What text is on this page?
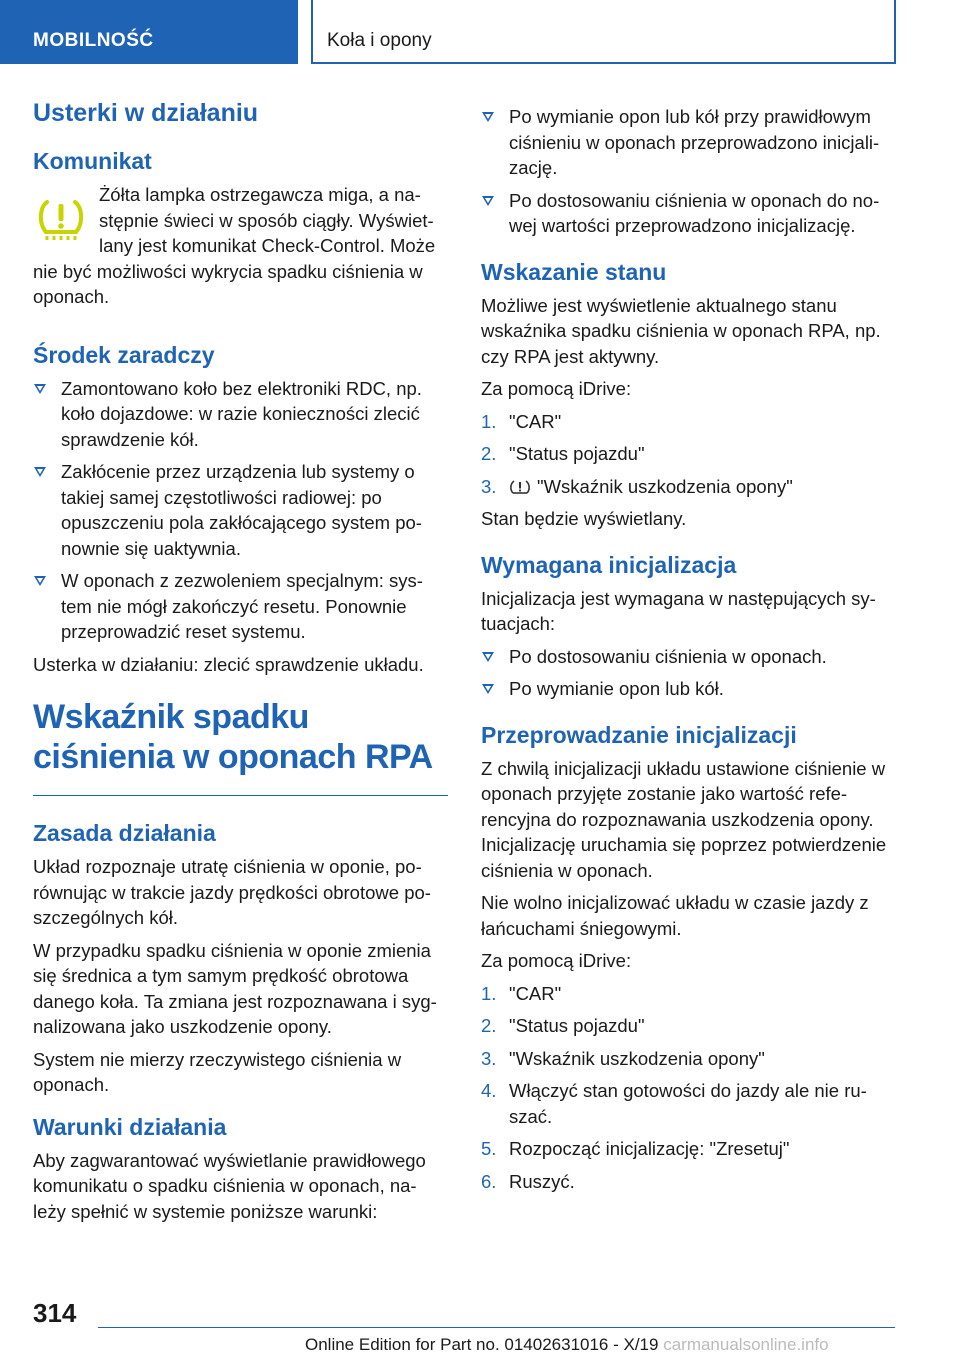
MOBILNOŚĆ	Koła i opony
Usterki w działaniu
Komunikat
Żółta lampka ostrzegawcza miga, a na-
stępnie świeci w sposób ciągły. Wyświet-
lany jest komunikat Check-Control. Może
nie być możliwości wykrycia spadku ciśnienia w oponach.
Środek zaradczy
Zamontowano koło bez elektroniki RDC, np. koło dojazdowe: w razie konieczności zlecić sprawdzenie kół.
Zakłócenie przez urządzenia lub systemy o takiej samej częstotliwości radiowej: po opuszczeniu pola zakłócającego system po-nownie się uaktywnia.
W oponach z zezwoleniem specjalnym: sys-tem nie mógł zakończyć resetu. Ponownie przeprowadzić reset systemu.

Usterka w działaniu: zlecić sprawdzenie układu.

Wskaźnik spadku ciśnienia w oponach RPA
Zasada działania

Układ rozpoznaje utratę ciśnienia w oponie, po-równując w trakcie jazdy prędkości obrotowe po-szczególnych kół.

W przypadku spadku ciśnienia w oponie zmienia się średnica a tym samym prędkość obrotowa danego koła. Ta zmiana jest rozpoznawana i syg-nalizowana jako uszkodzenie opony.

System nie mierzy rzeczywistego ciśnienia w oponach.

Warunki działania

Aby zagwarantować wyświetlanie prawidłowego komunikatu o spadku ciśnienia w oponach, na-leży spełnić w systemie poniższe warunki:

Po wymianie opon lub kół przy prawidłowym ciśnieniu w oponach przeprowadzono inicjali-zację.
Po dostosowaniu ciśnienia w oponach do no-wej wartości przeprowadzono inicjalizację.
Wskazanie stanu

Możliwe jest wyświetlenie aktualnego stanu wskaźnika spadku ciśnienia w oponach RPA, np. czy RPA jest aktywny.

Za pomocą iDrive:

1. "CAR"
2. "Status pojazdu"
3. "Wskaźnik uszkodzenia opony"

Stan będzie wyświetlany.

Wymagana inicjalizacja

Inicjalizacja jest wymagana w następujących sy-tuacjach:

Po dostosowaniu ciśnienia w oponach.
Po wymianie opon lub kół.
Przeprowadzanie inicjalizacji

Z chwilą inicjalizacji układu ustawione ciśnienie w oponach przyjęte zostanie jako wartość refe-rencyjna do rozpoznawania uszkodzenia opony. Inicjalizację uruchamia się poprzez potwierdzenie ciśnienia w oponach.

Nie wolno inicjalizować układu w czasie jazdy z łańcuchami śniegowymi.

Za pomocą iDrive:

1. "CAR"
2. "Status pojazdu"
3. "Wskaźnik uszkodzenia opony"
4. Włączyć stan gotowości do jazdy ale nie ru-szać.
5. Rozpocząć inicjalizację: "Zresetuj"
6. Ruszyć.
314
Online Edition for Part no. 01402631016 - X/19 carmanualsonline.info
